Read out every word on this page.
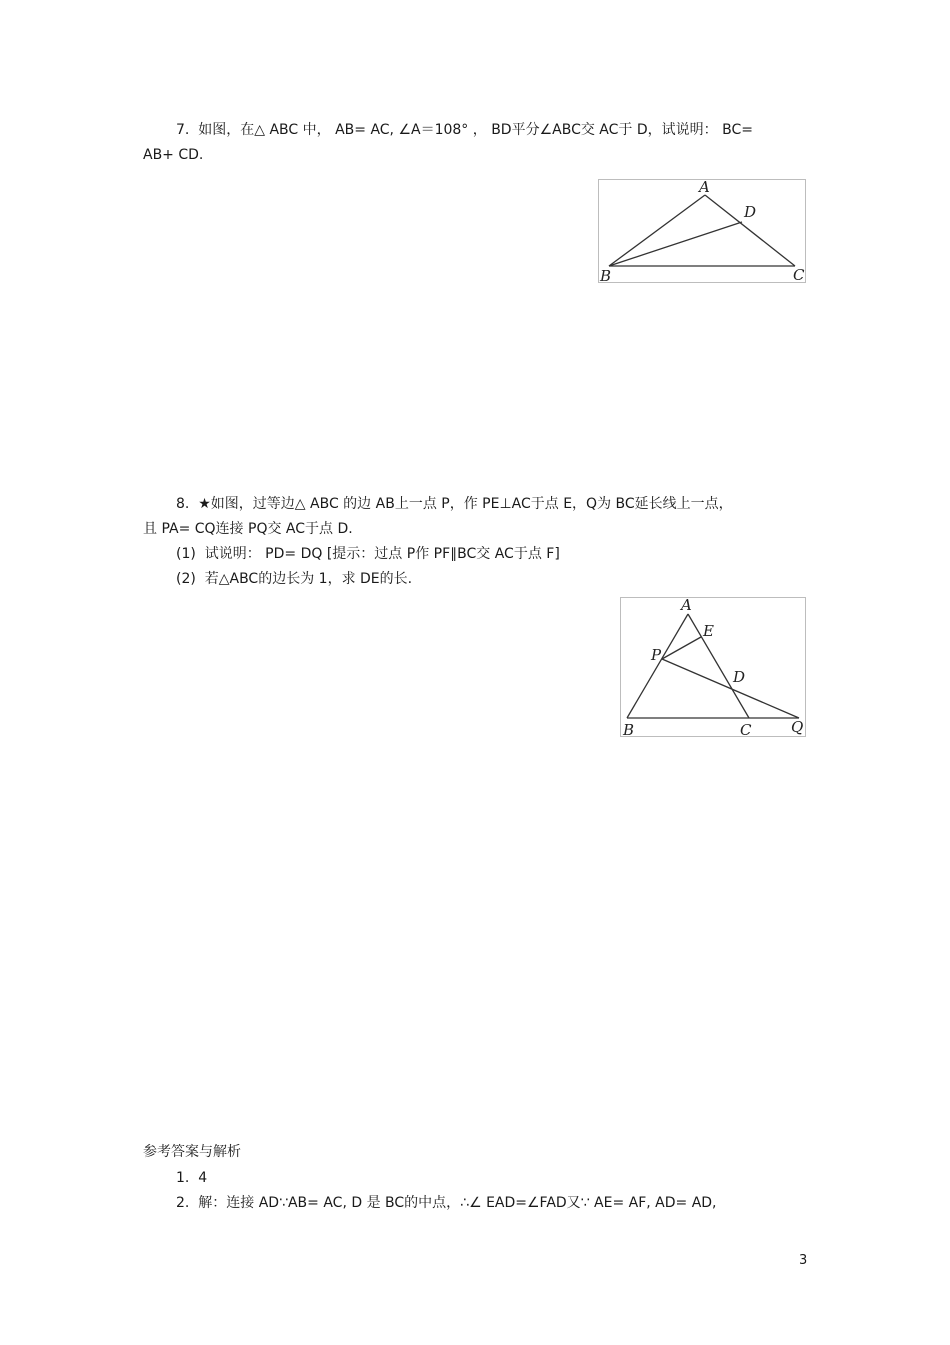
7.  如图，在△ ABC 中， AB= AC, ∠A＝108° ， BD平分∠ABC交 AC于 D，试说明： BC=
AB+ CD.
A
D
B	C
8.  ★如图，过等边△ ABC 的边 AB上一点 P，作 PE⊥AC于点 E，Q为 BC延长线上一点，
且 PA= CQ连接 PQ交 AC于点 D.
(1)  试说明： PD= DQ [提示：过点 P作 PF∥BC交 AC于点 F]
(2)  若△ABC的边长为 1，求 DE的长.
A
E
P
D
B	C	Q
参考答案与解析
1.  4
2.  解：连接 AD∵AB= AC, D 是 BC的中点，∴∠ EAD=∠FAD又∵ AE= AF, AD= AD,
3
